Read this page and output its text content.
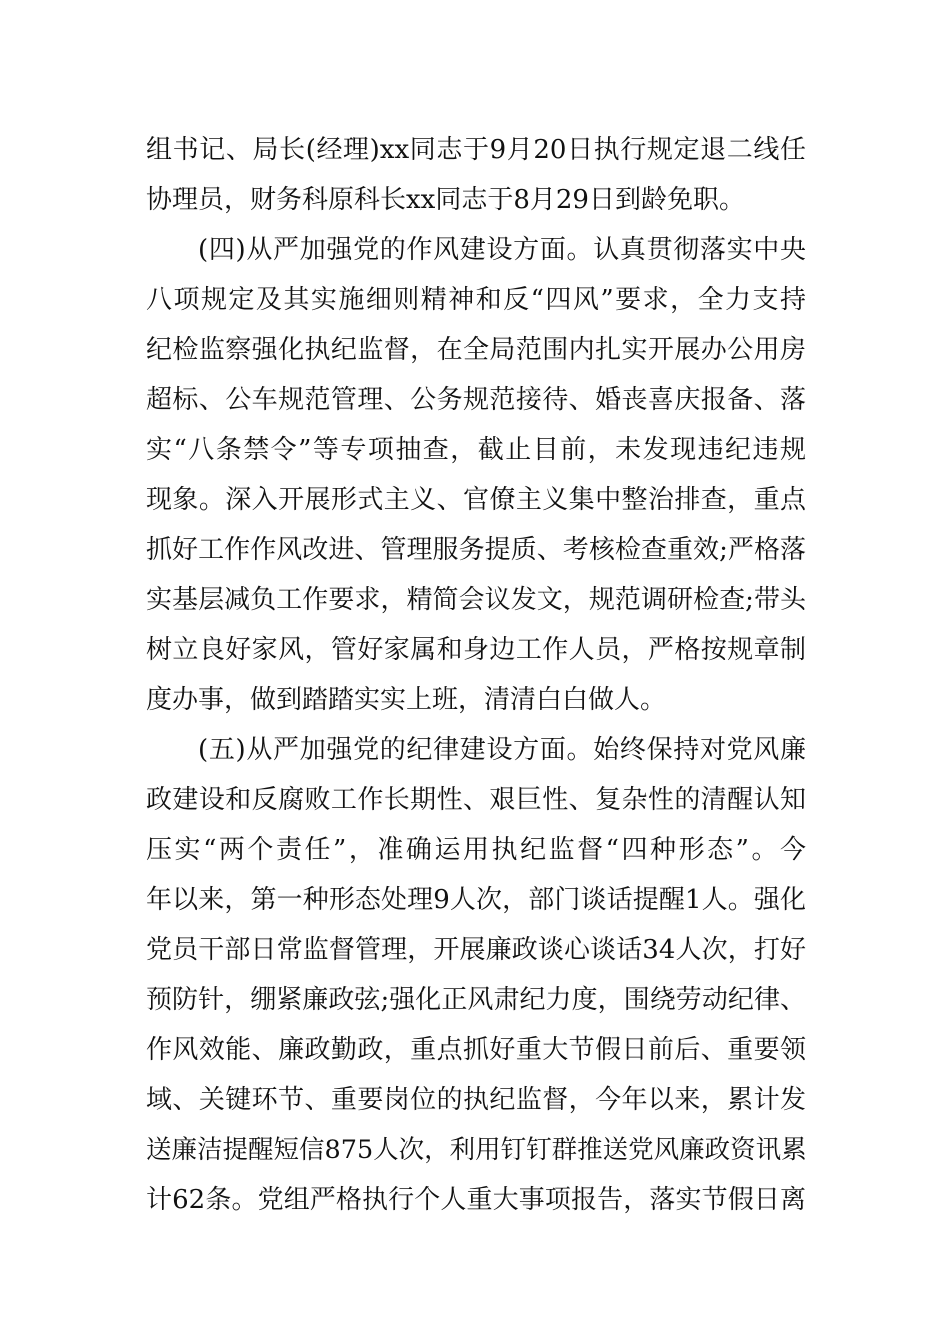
组书记、局长(经理)xx同志于9月20日执行规定退二线任
协理员，财务科原科长xx同志于8月29日到龄免职。
(四)从严加强党的作风建设方面。认真贯彻落实中央
八项规定及其实施细则精神和反“四风”要求，全力支持
纪检监察强化执纪监督，在全局范围内扎实开展办公用房
超标、公车规范管理、公务规范接待、婚丧喜庆报备、落
实“八条禁令”等专项抽查，截止目前，未发现违纪违规
现象。深入开展形式主义、官僚主义集中整治排查，重点
抓好工作作风改进、管理服务提质、考核检查重效;严格落
实基层减负工作要求，精简会议发文，规范调研检查;带头
树立良好家风，管好家属和身边工作人员，严格按规章制
度办事，做到踏踏实实上班，清清白白做人。
(五)从严加强党的纪律建设方面。始终保持对党风廉
政建设和反腐败工作长期性、艰巨性、复杂性的清醒认知
压实“两个责任”，准确运用执纪监督“四种形态”。今
年以来，第一种形态处理9人次，部门谈话提醒1人。强化
党员干部日常监督管理，开展廉政谈心谈话34人次，打好
预防针，绷紧廉政弦;强化正风肃纪力度，围绕劳动纪律、
作风效能、廉政勤政，重点抓好重大节假日前后、重要领
域、关键环节、重要岗位的执纪监督，今年以来，累计发
送廉洁提醒短信875人次，利用钉钉群推送党风廉政资讯累
计62条。党组严格执行个人重大事项报告，落实节假日离
